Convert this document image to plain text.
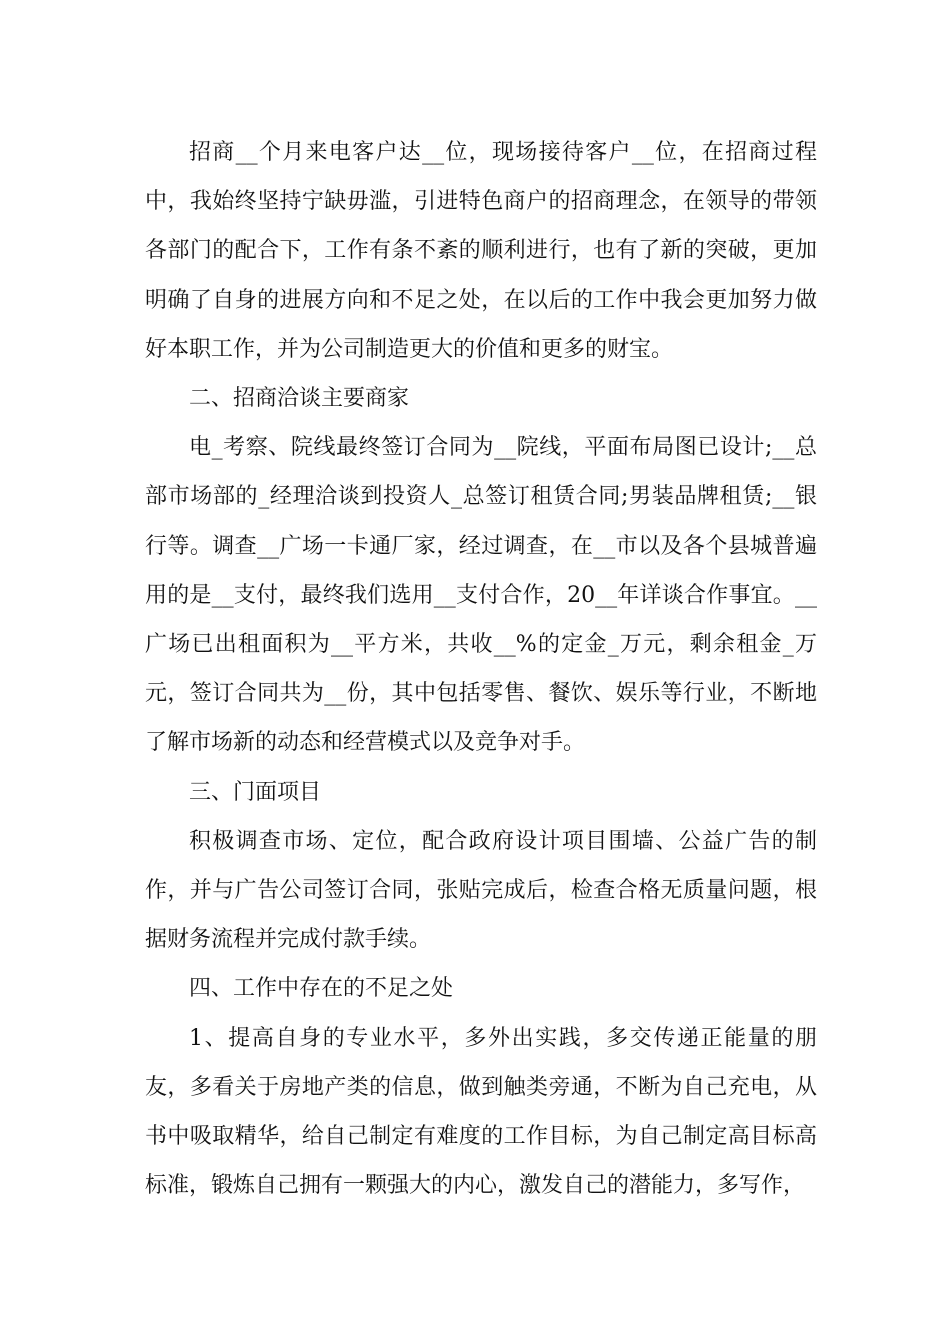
招商__个月来电客户达__位，现场接待客户__位，在招商过程中，我始终坚持宁缺毋滥，引进特色商户的招商理念，在领导的带领各部门的配合下，工作有条不紊的顺利进行，也有了新的突破，更加明确了自身的进展方向和不足之处，在以后的工作中我会更加努力做好本职工作，并为公司制造更大的价值和更多的财宝。

二、招商洽谈主要商家

电_考察、院线最终签订合同为__院线，平面布局图已设计;__总部市场部的_经理洽谈到投资人_总签订租赁合同;男装品牌租赁;__银行等。调查__广场一卡通厂家，经过调查，在__市以及各个县城普遍用的是__支付，最终我们选用__支付合作，20__年详谈合作事宜。__广场已出租面积为__平方米，共收__%的定金_万元，剩余租金_万元，签订合同共为__份，其中包括零售、餐饮、娱乐等行业，不断地了解市场新的动态和经营模式以及竞争对手。

三、门面项目

积极调查市场、定位，配合政府设计项目围墙、公益广告的制作，并与广告公司签订合同，张贴完成后，检查合格无质量问题，根据财务流程并完成付款手续。

四、工作中存在的不足之处

1、提高自身的专业水平，多外出实践，多交传递正能量的朋友，多看关于房地产类的信息，做到触类旁通，不断为自己充电，从书中吸取精华，给自己制定有难度的工作目标，为自己制定高目标高标准，锻炼自己拥有一颗强大的内心，激发自己的潜能力，多写作，
